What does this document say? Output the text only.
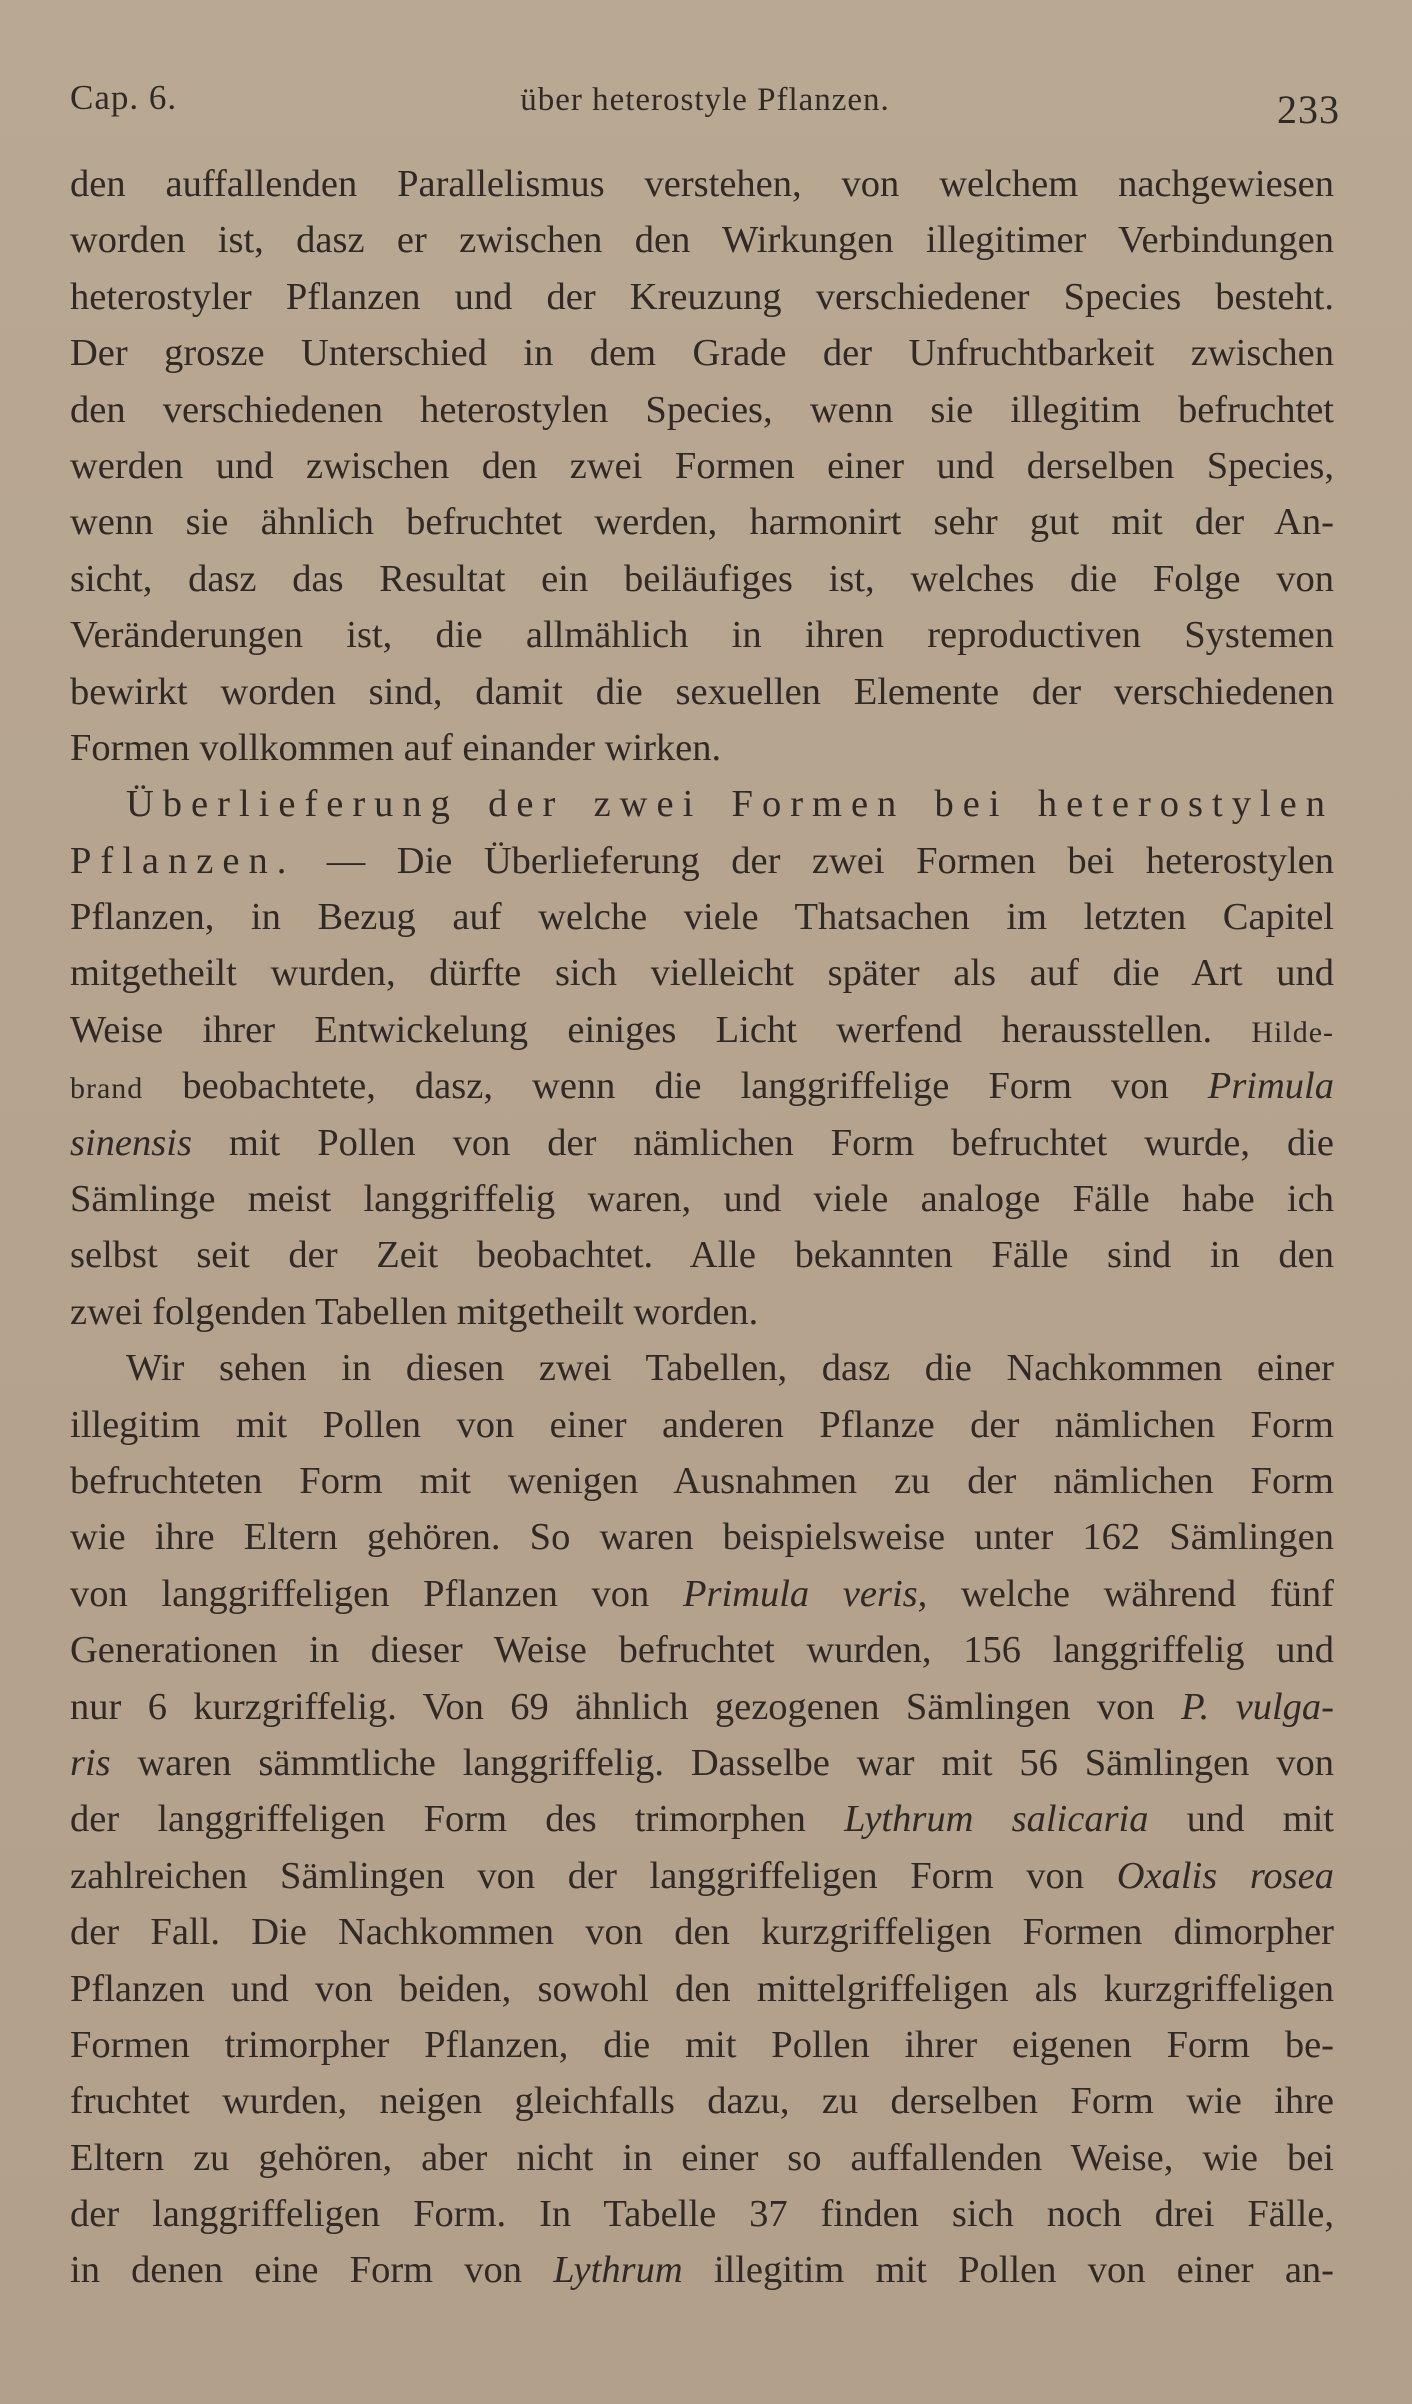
Cap. 6.	über heterostyle Pflanzen.	233
den auffallenden Parallelismus verstehen, von welchem nachgewiesen
worden ist, dasz er zwischen den Wirkungen illegitimer Verbindungen
heterostyler Pflanzen und der Kreuzung verschiedener Species besteht.
Der grosze Unterschied in dem Grade der Unfruchtbarkeit zwischen
den verschiedenen heterostylen Species, wenn sie illegitim befruchtet
werden und zwischen den zwei Formen einer und derselben Species,
wenn sie ähnlich befruchtet werden, harmonirt sehr gut mit der An-
sicht, dasz das Resultat ein beiläufiges ist, welches die Folge von
Veränderungen ist, die allmählich in ihren reproductiven Systemen
bewirkt worden sind, damit die sexuellen Elemente der verschiedenen
Formen vollkommen auf einander wirken.
Überlieferung der zwei Formen bei heterostylen
Pflanzen. — Die Überlieferung der zwei Formen bei heterostylen
Pflanzen, in Bezug auf welche viele Thatsachen im letzten Capitel
mitgetheilt wurden, dürfte sich vielleicht später als auf die Art und
Weise ihrer Entwickelung einiges Licht werfend herausstellen. Hilde-
brand beobachtete, dasz, wenn die langgriffelige Form von Primula
sinensis mit Pollen von der nämlichen Form befruchtet wurde, die
Sämlinge meist langgriffelig waren, und viele analoge Fälle habe ich
selbst seit der Zeit beobachtet. Alle bekannten Fälle sind in den
zwei folgenden Tabellen mitgetheilt worden.
Wir sehen in diesen zwei Tabellen, dasz die Nachkommen einer
illegitim mit Pollen von einer anderen Pflanze der nämlichen Form
befruchteten Form mit wenigen Ausnahmen zu der nämlichen Form
wie ihre Eltern gehören. So waren beispielsweise unter 162 Sämlingen
von langgriffeligen Pflanzen von Primula veris, welche während fünf
Generationen in dieser Weise befruchtet wurden, 156 langgriffelig und
nur 6 kurzgriffelig. Von 69 ähnlich gezogenen Sämlingen von P. vulga-
ris waren sämmtliche langgriffelig. Dasselbe war mit 56 Sämlingen von
der langgriffeligen Form des trimorphen Lythrum salicaria und mit
zahlreichen Sämlingen von der langgriffeligen Form von Oxalis rosea
der Fall. Die Nachkommen von den kurzgriffeligen Formen dimorpher
Pflanzen und von beiden, sowohl den mittelgriffeligen als kurzgriffeligen
Formen trimorpher Pflanzen, die mit Pollen ihrer eigenen Form be-
fruchtet wurden, neigen gleichfalls dazu, zu derselben Form wie ihre
Eltern zu gehören, aber nicht in einer so auffallenden Weise, wie bei
der langgriffeligen Form. In Tabelle 37 finden sich noch drei Fälle,
in denen eine Form von Lythrum illegitim mit Pollen von einer an-
